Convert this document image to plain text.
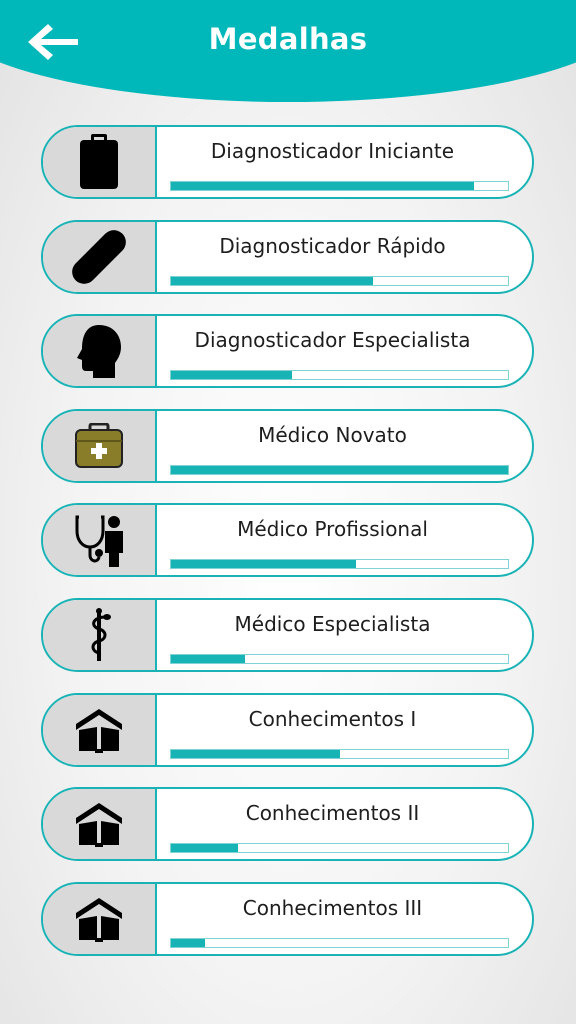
Medalhas
Diagnosticador Iniciante
Diagnosticador Rápido
Diagnosticador Especialista
Médico Novato
Médico Profissional
Médico Especialista
Conhecimentos I
Conhecimentos II
Conhecimentos III
